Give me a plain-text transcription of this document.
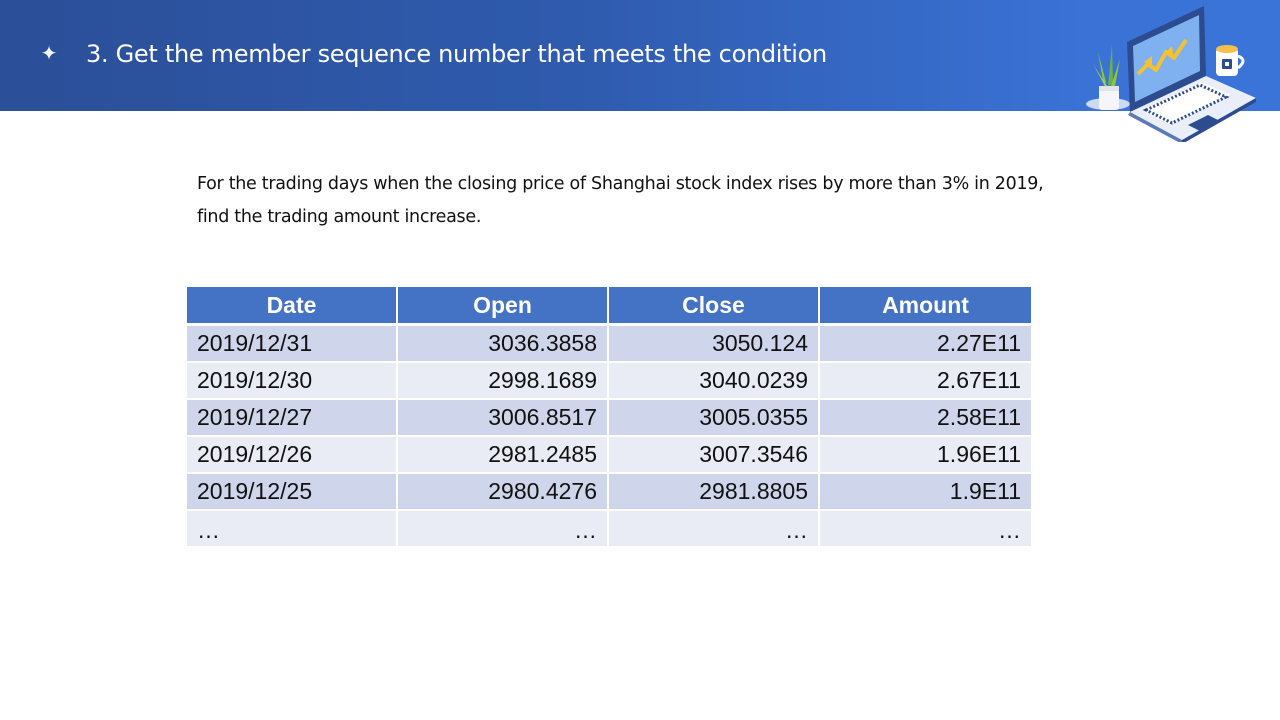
✦ 3. Get the member sequence number that meets the condition
For the trading days when the closing price of Shanghai stock index rises by more than 3% in 2019,
find the trading amount increase.
Date	Open	Close	Amount
2019/12/31	3036.3858	3050.124	2.27E11
2019/12/30	2998.1689	3040.0239	2.67E11
2019/12/27	3006.8517	3005.0355	2.58E11
2019/12/26	2981.2485	3007.3546	1.96E11
2019/12/25	2980.4276	2981.8805	1.9E11
…	…	…	…
